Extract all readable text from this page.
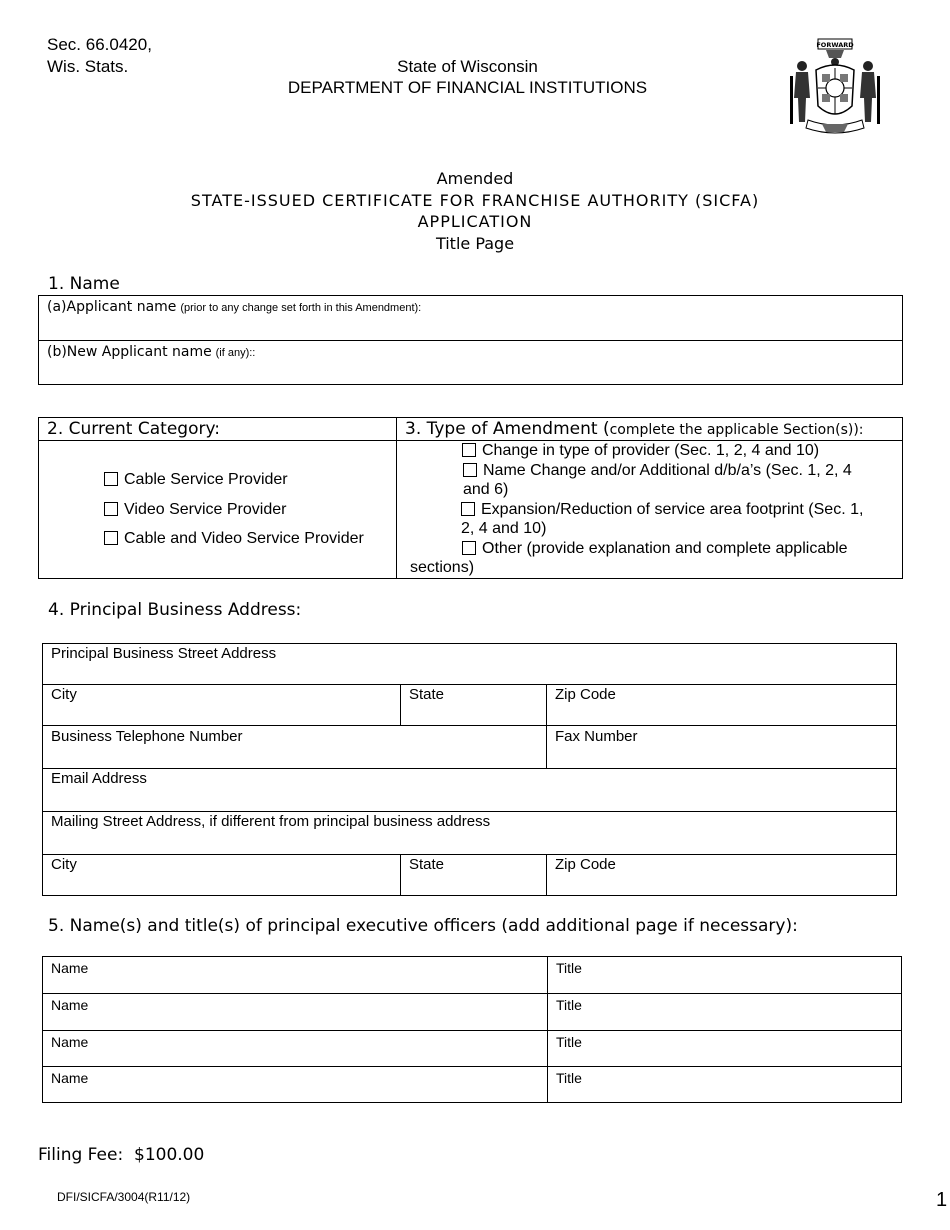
Sec. 66.0420,
Wis. Stats.	State of Wisconsin
DEPARTMENT OF FINANCIAL INSTITUTIONS
FORWARD
Amended
STATE-ISSUED CERTIFICATE FOR FRANCHISE AUTHORITY (SICFA)
APPLICATION
Title Page
1. Name
(a)Applicant name (prior to any change set forth in this Amendment):
(b)New Applicant name (if any)::
2. Current Category:	3. Type of Amendment (complete the applicable Section(s)):
Cable Service Provider
Video Service Provider
Cable and Video Service Provider
Change in type of provider (Sec. 1, 2, 4 and 10)
Name Change and/or Additional d/b/a’s (Sec. 1, 2, 4
and 6)
Expansion/Reduction of service area footprint (Sec. 1,
2, 4 and 10)
Other (provide explanation and complete applicable
sections)
4. Principal Business Address:
Principal Business Street Address
City	State	Zip Code
Business Telephone Number	Fax Number
Email Address
Mailing Street Address, if different from principal business address
City	State	Zip Code
5. Name(s) and title(s) of principal executive officers (add additional page if necessary):
Name	Title
Name	Title
Name	Title
Name	Title
Filing Fee: $100.00
DFI/SICFA/3004(R11/12)	1
